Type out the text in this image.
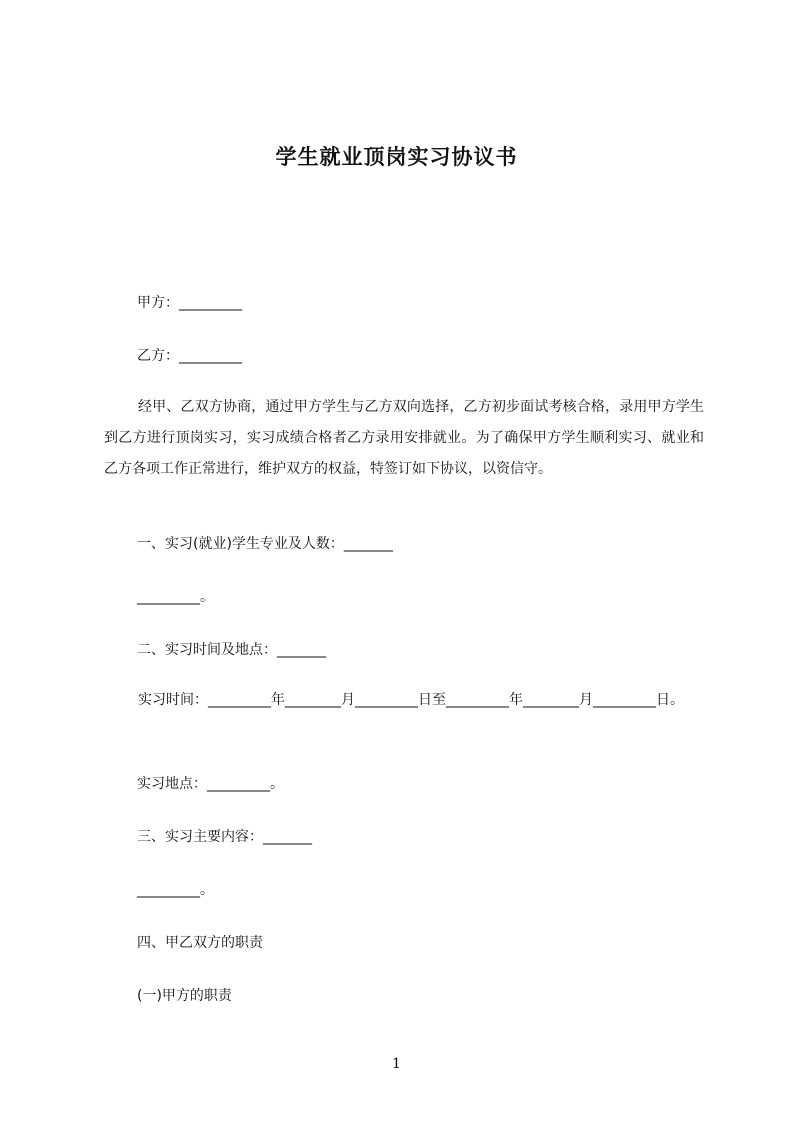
学生就业顶岗实习协议书
甲方：_________
乙方：_________
经甲、乙双方协商，通过甲方学生与乙方双向选择，乙方初步面试考核合格，录用甲方学生到乙方进行顶岗实习，实习成绩合格者乙方录用安排就业。为了确保甲方学生顺利实习、就业和乙方各项工作正常进行，维护双方的权益，特签订如下协议，以资信守。
一、实习(就业)学生专业及人数：_______
_________。
二、实习时间及地点：_______
实习时间：_________年________月_________日至_________年________月_________日。
实习地点：_________。
三、实习主要内容：_______
_________。
四、甲乙双方的职责
(一)甲方的职责
1
